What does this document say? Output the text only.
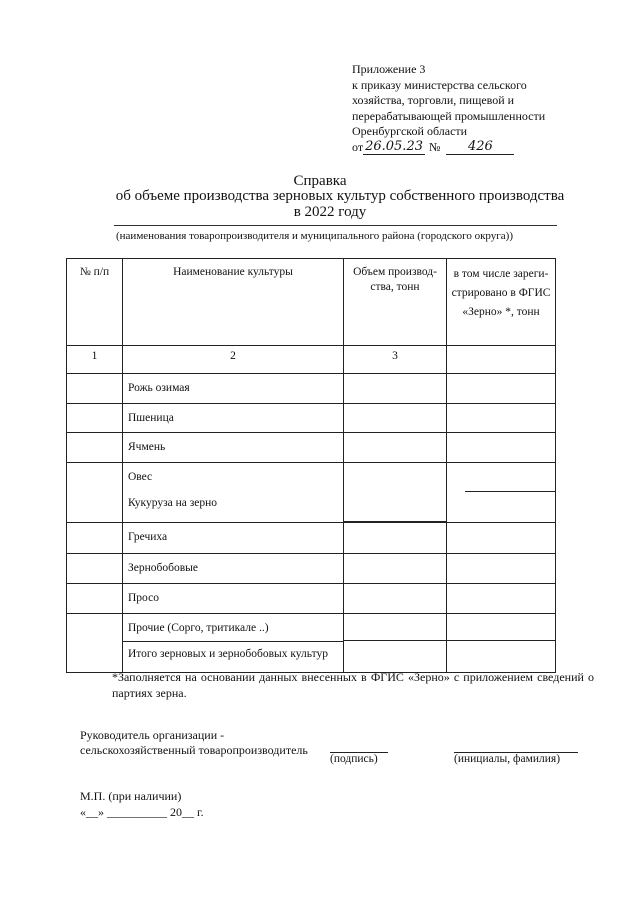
Приложение 3
к приказу министерства сельского
хозяйства, торговли, пищевой и
перерабатывающей промышленности
Оренбургской области
от 26.05.23 №	426
Справка
об объеме производства зерновых культур собственного производства
в 2022 году
(наименования товаропроизводителя и муниципального района (городского округа))
№ п/п	Наименование культуры	Объем производ-ства, тонн	в том числе зареги-стрировано в ФГИС «Зерно» *, тонн

1	2	3	

	Рожь озимая		

	Пшеница		

	Ячмень		

	Овес
Кукуруза на зерно		

	Гречиха		

	Зернобобовые		

	Просо		

	Прочие (Сорго, тритикале ..)
Итого зерновых и зернобобовых культур		

*Заполняется на основании данных внесенных в ФГИС «Зерно» с приложением сведений о партиях зерна.
Руководитель организации -
сельскохозяйственный товаропроизводитель
(подпись)	(инициалы, фамилия)
М.П. (при наличии)
«__» __________ 20__ г.
